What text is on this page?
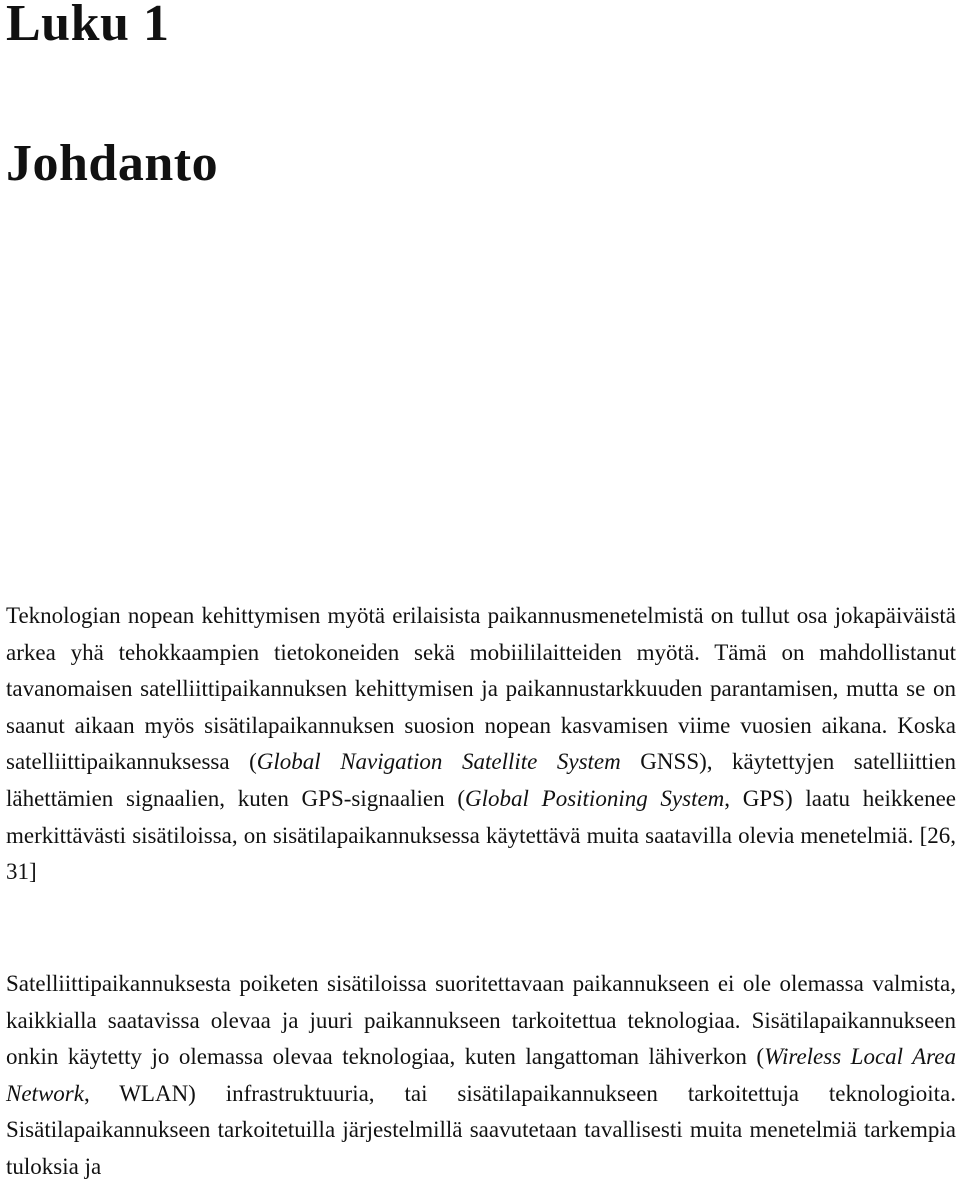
Luku 1
Johdanto

Teknologian nopean kehittymisen myötä erilaisista paikannusmenetelmistä on tullut osa jokapäiväistä arkea yhä tehokkaampien tietokoneiden sekä mobiililaitteiden myötä. Tämä on mahdollistanut tavanomaisen satelliittipaikannuksen kehittymisen ja paikannustarkkuuden parantamisen, mutta se on saanut aikaan myös sisätilapaikannuksen suosion nopean kasvamisen viime vuosien aikana. Koska satelliittipaikannuksessa (Global Navigation Satellite System GNSS), käytettyjen satelliittien lähettämien signaalien, kuten GPS-signaalien (Global Positioning System, GPS) laatu heikkenee merkittävästi sisätiloissa, on sisätilapaikannuksessa käytettävä muita saatavilla olevia menetelmiä. [26, 31]

Satelliittipaikannuksesta poiketen sisätiloissa suoritettavaan paikannukseen ei ole olemassa valmista, kaikkialla saatavissa olevaa ja juuri paikannukseen tarkoitettua teknologiaa. Sisätilapaikannukseen onkin käytetty jo olemassa olevaa teknologiaa, kuten langattoman lähiverkon (Wireless Local Area Network, WLAN) infrastruktuuria, tai sisätilapaikannukseen tarkoitettuja teknologioita. Sisätilapaikannukseen tarkoitetuilla järjestelmillä saavutetaan tavallisesti muita menetelmiä tarkempia tuloksia ja
